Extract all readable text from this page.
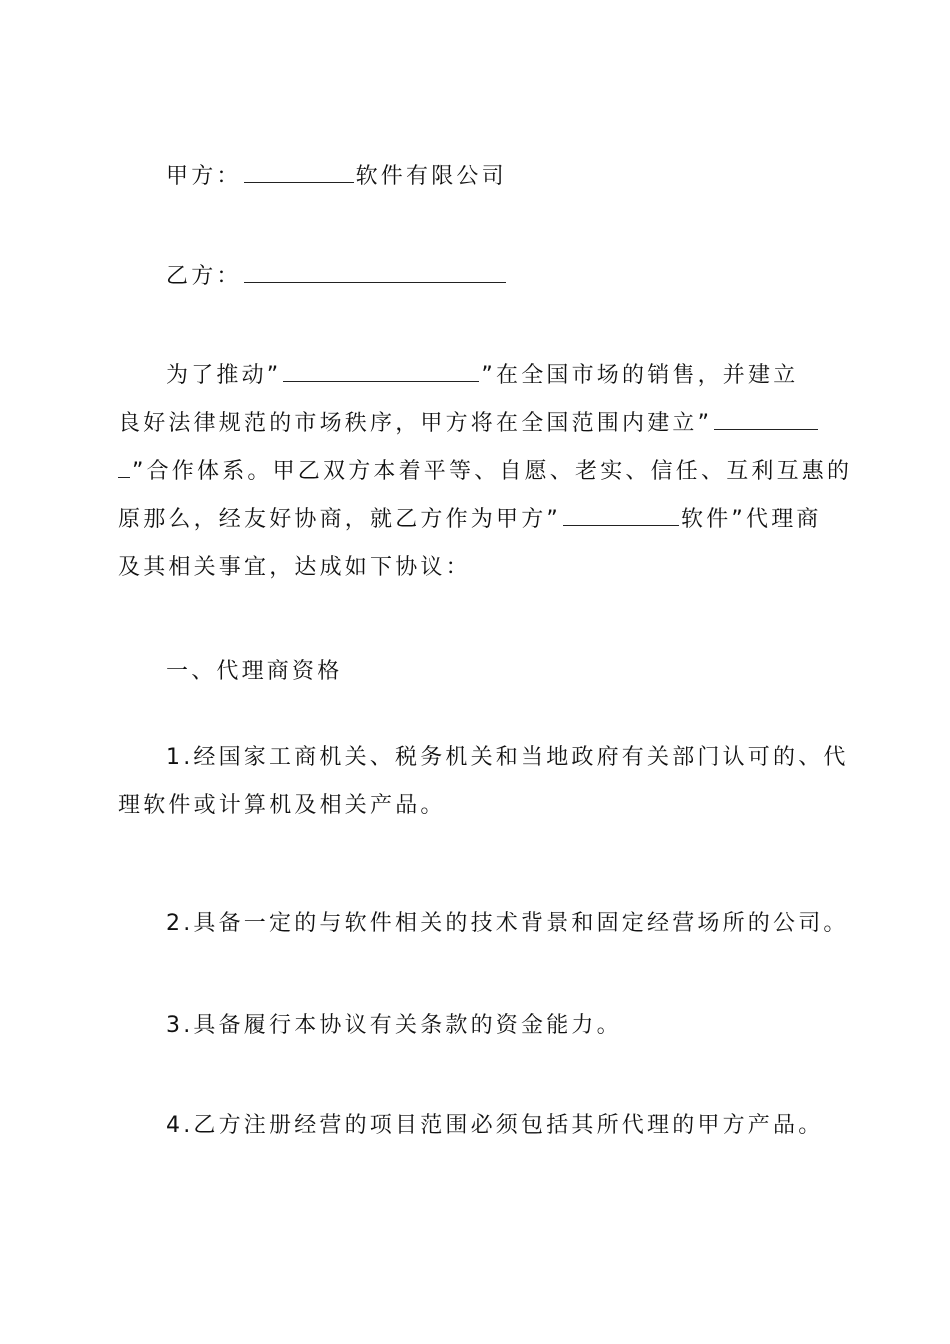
甲方：	软件有限公司
乙方：
为了推动”	”在全国市场的销售，并建立
良好法律规范的市场秩序，甲方将在全国范围内建立”
”合作体系。甲乙双方本着平等、自愿、老实、信任、互利互惠的
原那么，经友好协商，就乙方作为甲方”	软件”代理商
及其相关事宜，达成如下协议：
一、代理商资格
1.经国家工商机关、税务机关和当地政府有关部门认可的、代
理软件或计算机及相关产品。
2.具备一定的与软件相关的技术背景和固定经营场所的公司。
3.具备履行本协议有关条款的资金能力。
4.乙方注册经营的项目范围必须包括其所代理的甲方产品。
